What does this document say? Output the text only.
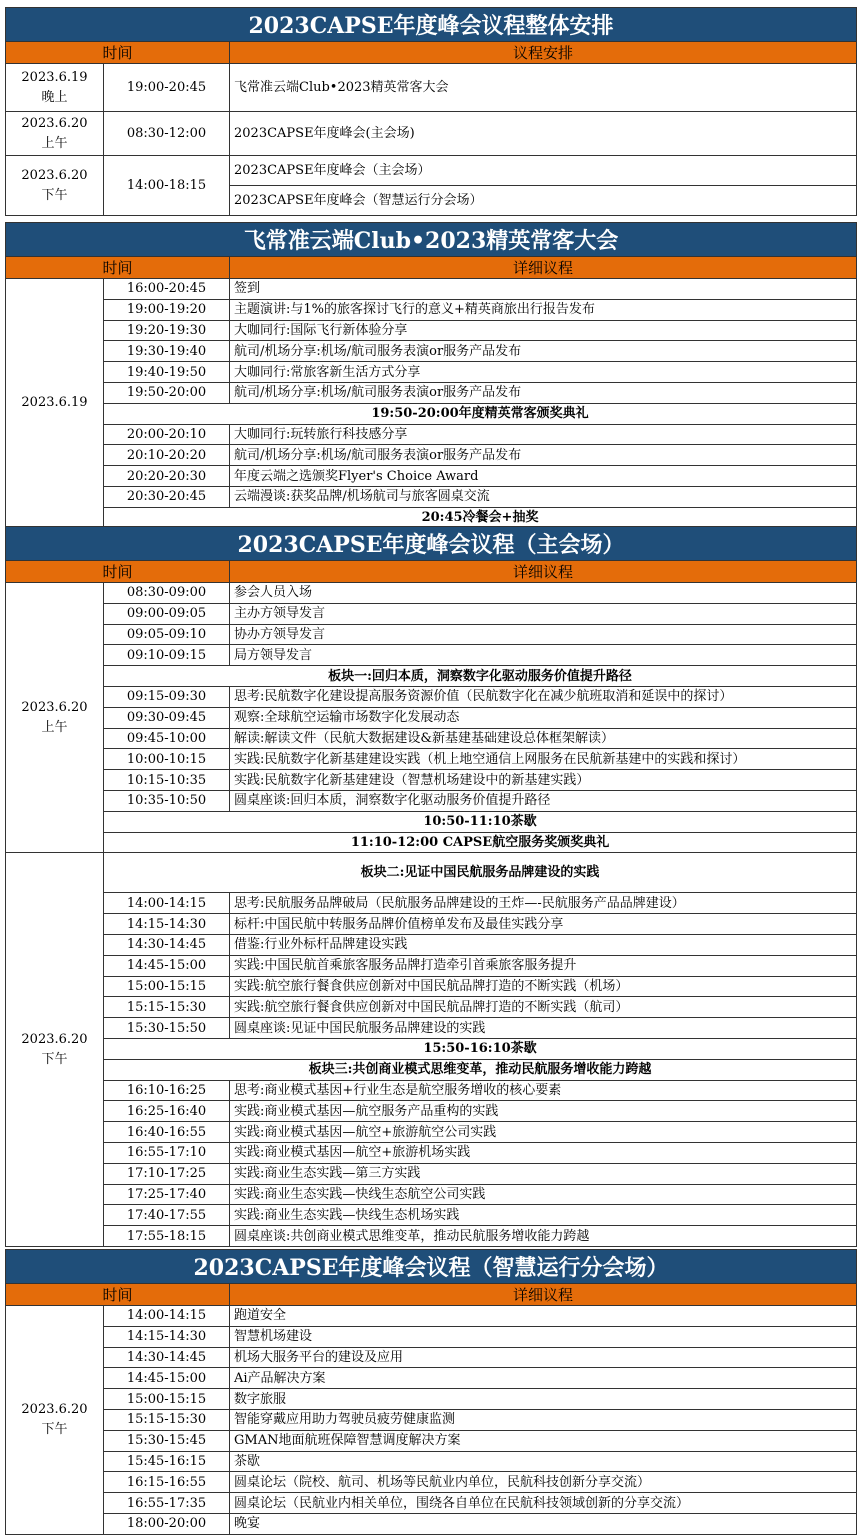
2023CAPSE年度峰会议程整体安排		
时间		议程安排

2023.6.19
晚上	19:00-20:45	飞常准云端Club•2023精英常客大会

2023.6.20
上午	08:30-12:00	2023CAPSE年度峰会(主会场)

2023.6.20
下午	14:00-18:15	2023CAPSE年度峰会（主会场）
		2023CAPSE年度峰会（智慧运行分会场）
飞常准云端Club•2023精英常客大会		
时间		详细议程

2023.6.19	16:00-20:45	签到
	19:00-19:20	主题演讲:与1%的旅客探讨飞行的意义+精英商旅出行报告发布
	19:20-19:30	大咖同行:国际飞行新体验分享
	19:30-19:40	航司/机场分享:机场/航司服务表演or服务产品发布
	19:40-19:50	大咖同行:常旅客新生活方式分享
	19:50-20:00	航司/机场分享:机场/航司服务表演or服务产品发布
	19:50-20:00年度精英常客颁奖典礼	
	20:00-20:10	大咖同行:玩转旅行科技感分享
	20:10-20:20	航司/机场分享:机场/航司服务表演or服务产品发布
	20:20-20:30	年度云端之选颁奖Flyer's Choice Award
	20:30-20:45	云端漫谈:获奖品牌/机场航司与旅客圆桌交流
	20:45冷餐会+抽奖	
2023CAPSE年度峰会议程（主会场）		
时间		详细议程

2023.6.20
上午	08:30-09:00	参会人员入场
	09:00-09:05	主办方领导发言
	09:05-09:10	协办方领导发言
	09:10-09:15	局方领导发言
	板块一:回归本质，洞察数字化驱动服务价值提升路径	
	09:15-09:30	思考:民航数字化建设提高服务资源价值（民航数字化在减少航班取消和延误中的探讨）
	09:30-09:45	观察:全球航空运输市场数字化发展动态
	09:45-10:00	解读:解读文件（民航大数据建设&新基建基础建设总体框架解读）
	10:00-10:15	实践:民航数字化新基建建设实践（机上地空通信上网服务在民航新基建中的实践和探讨）
	10:15-10:35	实践:民航数字化新基建建设（智慧机场建设中的新基建实践）
	10:35-10:50	圆桌座谈:回归本质，洞察数字化驱动服务价值提升路径
	10:50-11:10茶歇	
	11:10-12:00 CAPSE航空服务奖颁奖典礼	

2023.6.20
下午	板块二:见证中国民航服务品牌建设的实践	
	14:00-14:15	思考:民航服务品牌破局（民航服务品牌建设的王炸—-民航服务产品品牌建设）
	14:15-14:30	标杆:中国民航中转服务品牌价值榜单发布及最佳实践分享
	14:30-14:45	借鉴:行业外标杆品牌建设实践
	14:45-15:00	实践:中国民航首乘旅客服务品牌打造牵引首乘旅客服务提升
	15:00-15:15	实践:航空旅行餐食供应创新对中国民航品牌打造的不断实践（机场）
	15:15-15:30	实践:航空旅行餐食供应创新对中国民航品牌打造的不断实践（航司）
	15:30-15:50	圆桌座谈:见证中国民航服务品牌建设的实践
	15:50-16:10茶歇	
	板块三:共创商业模式思维变革，推动民航服务增收能力跨越	
	16:10-16:25	思考:商业模式基因+行业生态是航空服务增收的核心要素
	16:25-16:40	实践:商业模式基因—航空服务产品重构的实践
	16:40-16:55	实践:商业模式基因—航空+旅游航空公司实践
	16:55-17:10	实践:商业模式基因—航空+旅游机场实践
	17:10-17:25	实践:商业生态实践—第三方实践
	17:25-17:40	实践:商业生态实践—快线生态航空公司实践
	17:40-17:55	实践:商业生态实践—快线生态机场实践
	17:55-18:15	圆桌座谈:共创商业模式思维变革，推动民航服务增收能力跨越
2023CAPSE年度峰会议程（智慧运行分会场）		
时间		详细议程

2023.6.20
下午	14:00-14:15	跑道安全
	14:15-14:30	智慧机场建设
	14:30-14:45	机场大服务平台的建设及应用
	14:45-15:00	Ai产品解决方案
	15:00-15:15	数字旅服
	15:15-15:30	智能穿戴应用助力驾驶员疲劳健康监测
	15:30-15:45	GMAN地面航班保障智慧调度解决方案
	15:45-16:15	茶歇
	16:15-16:55	圆桌论坛（院校、航司、机场等民航业内单位，民航科技创新分享交流）
	16:55-17:35	圆桌论坛（民航业内相关单位，围绕各自单位在民航科技领域创新的分享交流）
	18:00-20:00	晚宴
